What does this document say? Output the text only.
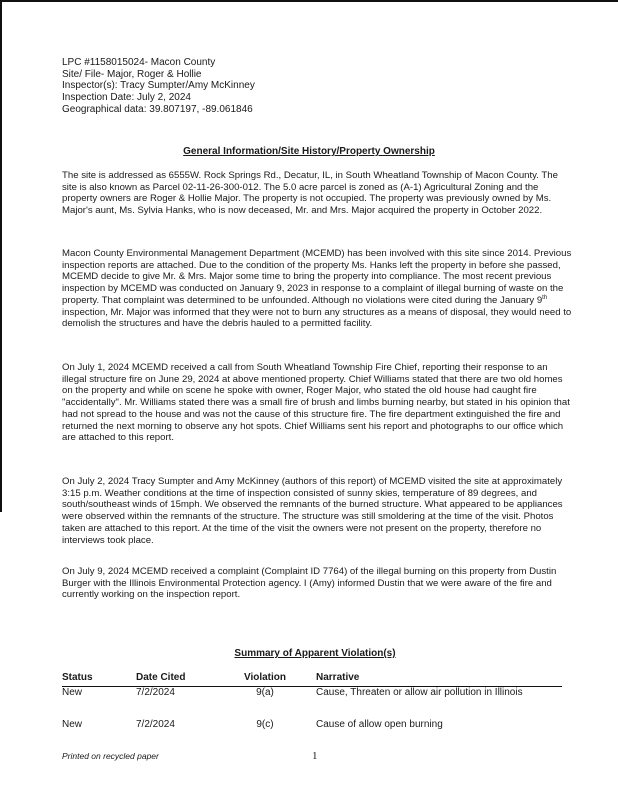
LPC #1158015024- Macon County
Site/ File- Major, Roger & Hollie
Inspector(s): Tracy Sumpter/Amy McKinney
Inspection Date: July 2, 2024
Geographical data: 39.807197, -89.061846
General Information/Site History/Property Ownership

The site is addressed as 6555W. Rock Springs Rd., Decatur, IL, in South Wheatland Township of Macon County. The site is also known as Parcel 02-11-26-300-012. The 5.0 acre parcel is zoned as (A-1) Agricultural Zoning and the property owners are Roger & Hollie Major. The property is not occupied. The property was previously owned by Ms. Major's aunt, Ms. Sylvia Hanks, who is now deceased, Mr. and Mrs. Major acquired the property in October 2022.

Macon County Environmental Management Department (MCEMD) has been involved with this site since 2014. Previous inspection reports are attached. Due to the condition of the property Ms. Hanks left the property in before she passed, MCEMD decide to give Mr. & Mrs. Major some time to bring the property into compliance. The most recent previous inspection by MCEMD was conducted on January 9, 2023 in response to a complaint of illegal burning of waste on the property. That complaint was determined to be unfounded. Although no violations were cited during the January 9th inspection, Mr. Major was informed that they were not to burn any structures as a means of disposal, they would need to demolish the structures and have the debris hauled to a permitted facility.

On July 1, 2024 MCEMD received a call from South Wheatland Township Fire Chief, reporting their response to an illegal structure fire on June 29, 2024 at above mentioned property. Chief Williams stated that there are two old homes on the property and while on scene he spoke with owner, Roger Major, who stated the old house had caught fire "accidentally". Mr. Williams stated there was a small fire of brush and limbs burning nearby, but stated in his opinion that had not spread to the house and was not the cause of this structure fire. The fire department extinguished the fire and returned the next morning to observe any hot spots. Chief Williams sent his report and photographs to our office which are attached to this report.

On July 2, 2024 Tracy Sumpter and Amy McKinney (authors of this report) of MCEMD visited the site at approximately 3:15 p.m. Weather conditions at the time of inspection consisted of sunny skies, temperature of 89 degrees, and south/southeast winds of 15mph. We observed the remnants of the burned structure. What appeared to be appliances were observed within the remnants of the structure. The structure was still smoldering at the time of the visit. Photos taken are attached to this report. At the time of the visit the owners were not present on the property, therefore no interviews took place.

On July 9, 2024 MCEMD received a complaint (Complaint ID 7764) of the illegal burning on this property from Dustin Burger with the Illinois Environmental Protection agency. I (Amy) informed Dustin that we were aware of the fire and currently working on the inspection report.

Summary of Apparent Violation(s)
Status	Date Cited	Violation	Narrative
New	7/2/2024	9(a)	Cause, Threaten or allow air pollution in Illinois
New	7/2/2024	9(c)	Cause of allow open burning
Printed on recycled paper	1
